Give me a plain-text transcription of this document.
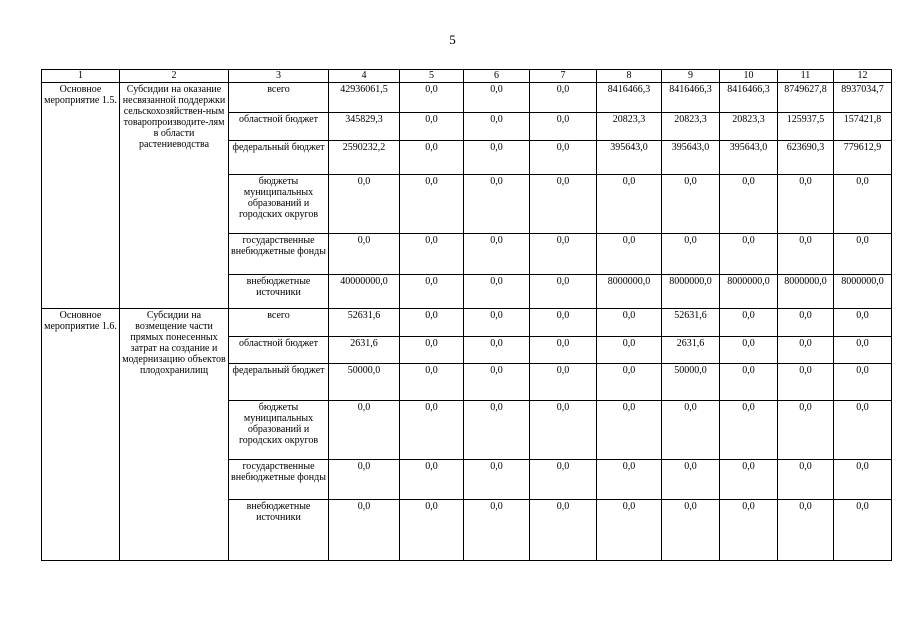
5
1	2	3	4	5	6	7	8	9	10	11	12
Основное мероприятие 1.5.	Субсидии на оказание несвязанной поддержки сельскохозяйствен-ным товаропроизводите-лям в области растениеводства	всего	42936061,5	0,0	0,0	0,0	8416466,3	8416466,3	8416466,3	8749627,8	8937034,7
		областной бюджет	345829,3	0,0	0,0	0,0	20823,3	20823,3	20823,3	125937,5	157421,8
		федеральный бюджет	2590232,2	0,0	0,0	0,0	395643,0	395643,0	395643,0	623690,3	779612,9
		бюджеты муниципальных образований и городских округов	0,0	0,0	0,0	0,0	0,0	0,0	0,0	0,0	0,0
		государственные внебюджетные фонды	0,0	0,0	0,0	0,0	0,0	0,0	0,0	0,0	0,0
		внебюджетные источники	40000000,0	0,0	0,0	0,0	8000000,0	8000000,0	8000000,0	8000000,0	8000000,0
Основное мероприятие 1.6.	Субсидии на возмещение части прямых понесенных затрат на создание и модернизацию объектов плодохранилищ	всего	52631,6	0,0	0,0	0,0	0,0	52631,6	0,0	0,0	0,0
		областной бюджет	2631,6	0,0	0,0	0,0	0,0	2631,6	0,0	0,0	0,0
		федеральный бюджет	50000,0	0,0	0,0	0,0	0,0	50000,0	0,0	0,0	0,0
		бюджеты муниципальных образований и городских округов	0,0	0,0	0,0	0,0	0,0	0,0	0,0	0,0	0,0
		государственные внебюджетные фонды	0,0	0,0	0,0	0,0	0,0	0,0	0,0	0,0	0,0
		внебюджетные источники	0,0	0,0	0,0	0,0	0,0	0,0	0,0	0,0	0,0
